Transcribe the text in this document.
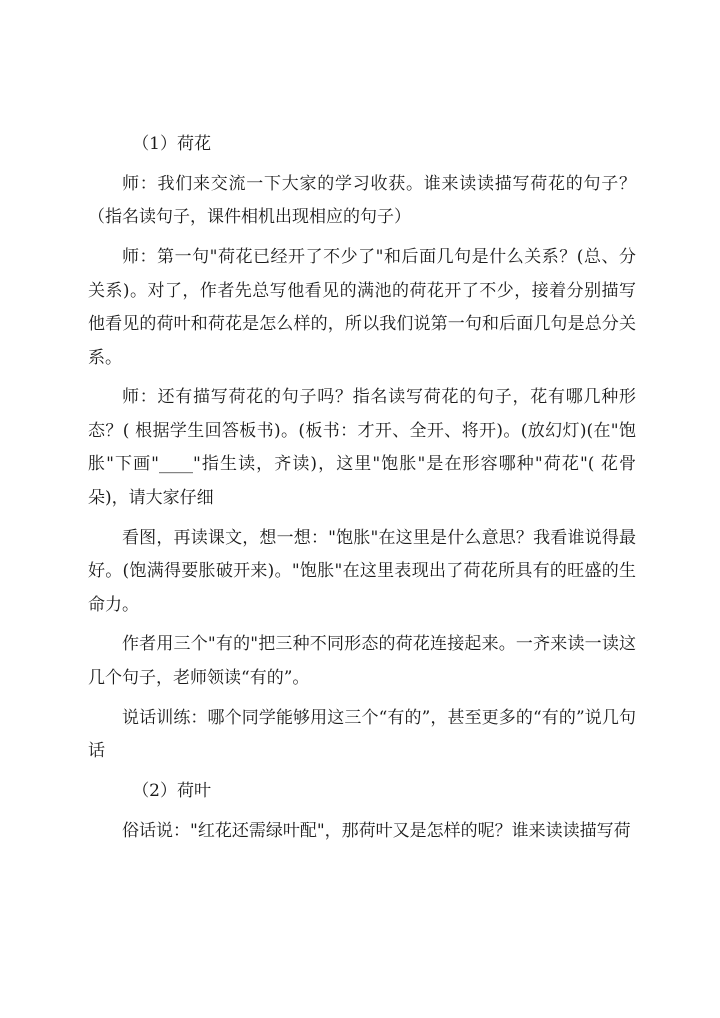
（1）荷花

师：我们来交流一下大家的学习收获。谁来读读描写荷花的句子？（指名读句子，课件相机出现相应的句子）

师：第一句"荷花已经开了不少了"和后面几句是什么关系？(总、分关系)。对了，作者先总写他看见的满池的荷花开了不少，接着分别描写他看见的荷叶和荷花是怎么样的，所以我们说第一句和后面几句是总分关系。

师：还有描写荷花的句子吗？指名读写荷花的句子，花有哪几种形态？( 根据学生回答板书)。(板书：才开、全开、将开)。(放幻灯)(在"饱胀"下画"____"指生读，齐读)，这里"饱胀"是在形容哪种"荷花"( 花骨朵)，请大家仔细

看图，再读课文，想一想："饱胀"在这里是什么意思？我看谁说得最好。(饱满得要胀破开来)。"饱胀"在这里表现出了荷花所具有的旺盛的生命力。

作者用三个"有的"把三种不同形态的荷花连接起来。一齐来读一读这几个句子，老师领读“有的”。

说话训练：哪个同学能够用这三个“有的”，甚至更多的“有的”说几句话

（2）荷叶

俗话说："红花还需绿叶配"，那荷叶又是怎样的呢？谁来读读描写荷
